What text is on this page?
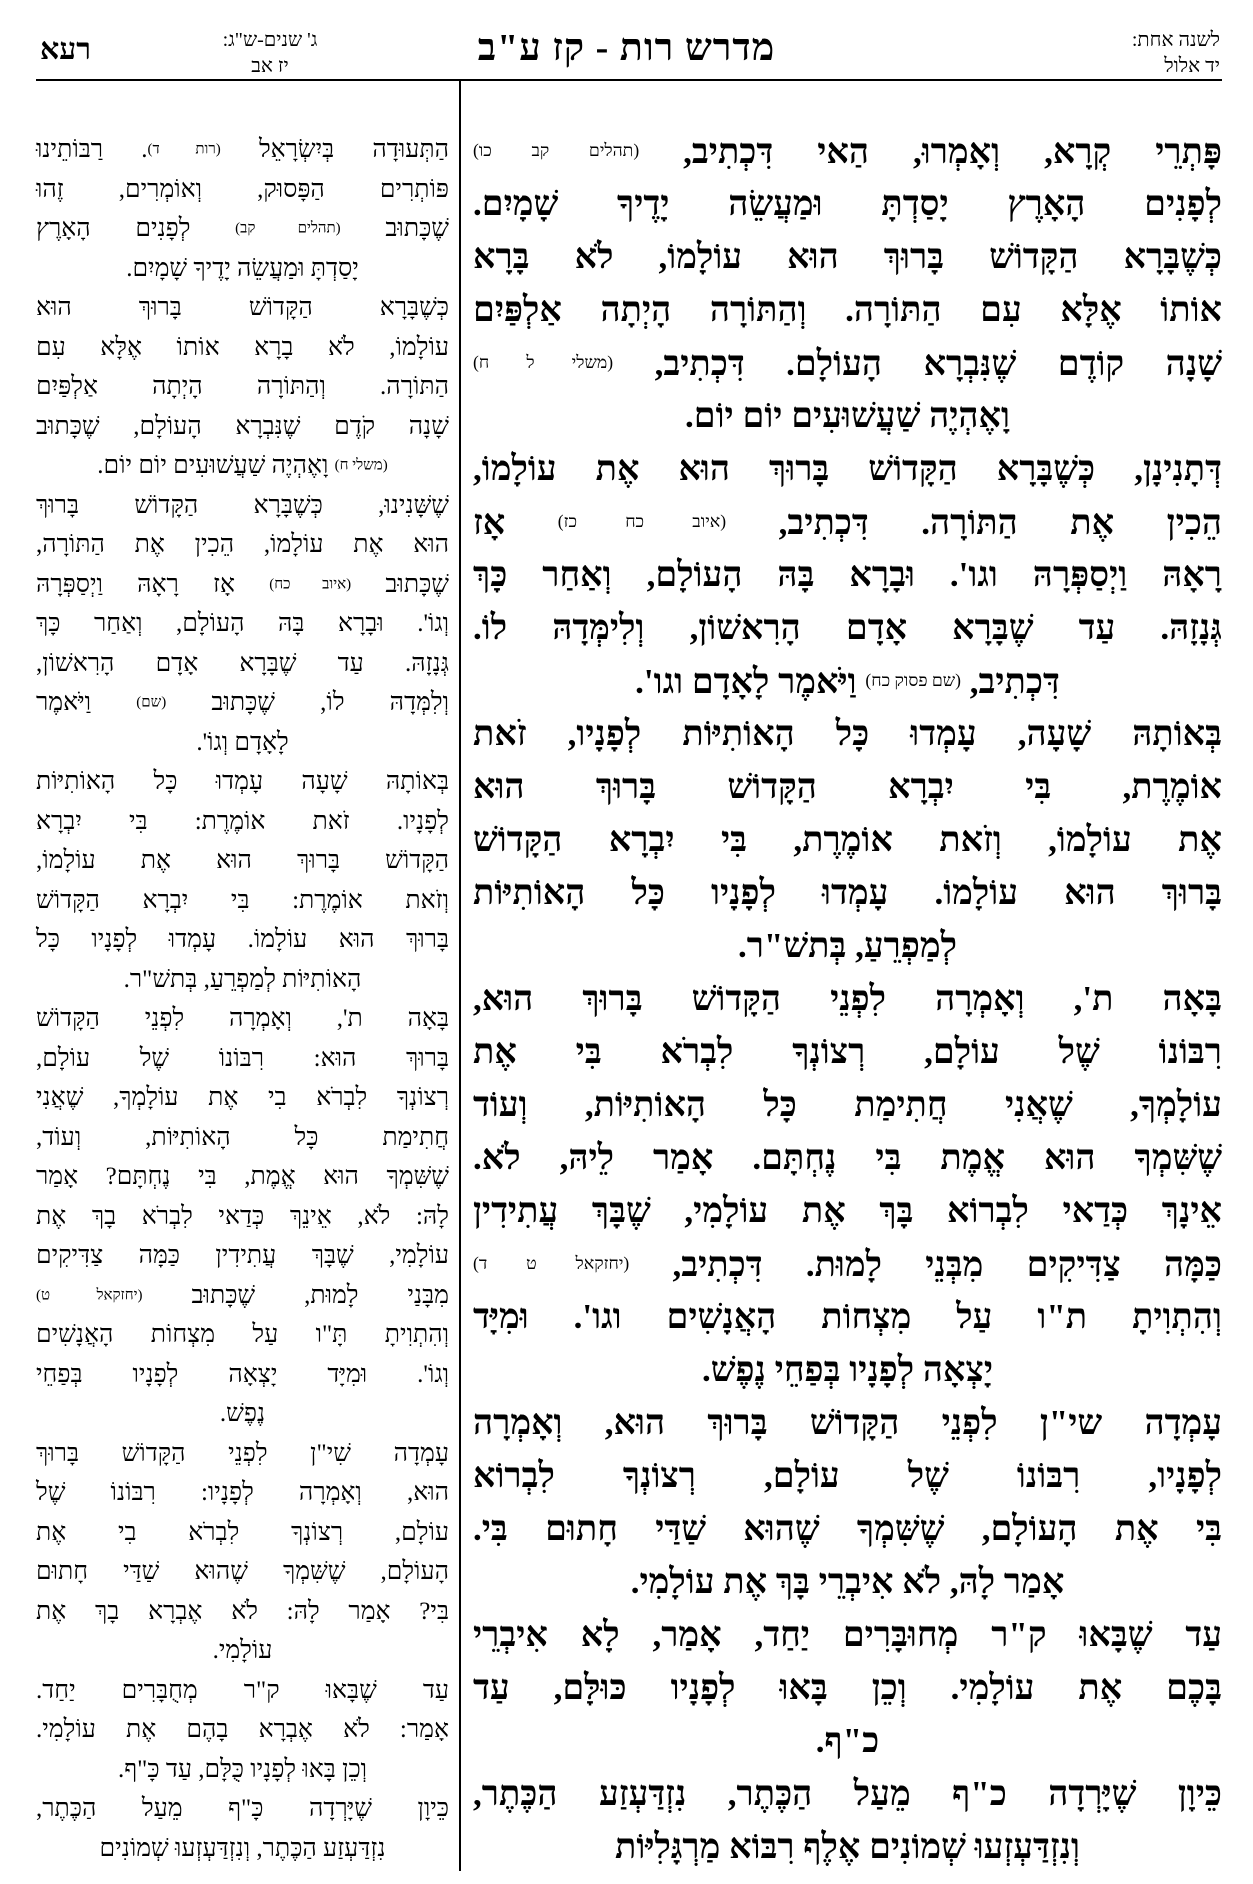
לשנה אחת:
יד אלול
מדרש רות - קז ע"ב
ג' שנים-ש"ג:
יז אב
רעא
פָּתְרֵי קְרָא, וְאָמְרוּ, הַאי דִּכְתִיב, $^{(תהלים קב כו)}$
לְפָנִים הָאָרֶץ יָסַדְתָּ וּמַעֲשֵׂה יָדֶיךָ שָׁמָיִם.
כְּשֶׁבָּרָא הַקָּדוֹשׁ בָּרוּךְ הוּא עוֹלָמוֹ, לֹא בָּרָא
אוֹתוֹ אֶלָּא עִם הַתּוֹרָה. וְהַתּוֹרָה הָיְתָה אַלְפַּיִם
שָׁנָה קוֹדֶם שֶׁנִּבְרָא הָעוֹלָם. דִּכְתִיב, $^{(משלי ל ח)}$
וָאֶהְיֶה שַׁעֲשׁוּעִים יוֹם יוֹם.
דְּתָנִינָן, כְּשֶׁבָּרָא הַקָּדוֹשׁ בָּרוּךְ הוּא אֶת עוֹלָמוֹ,
הֵכִין אֶת הַתּוֹרָה. דִּכְתִיב, $^{(איוב כח כז)}$ אָז
רָאָהּ וַיְסַפְּרָהּ וגו'. וּבָרָא בָּהּ הָעוֹלָם, וְאַחַר כָּךְ
גְּנָזָהּ. עַד שֶׁבָּרָא אָדָם הָרִאשׁוֹן, וְלִימְּדָהּ לוֹ.
דִּכְתִיב, $^{(שם פסוק כח)}$ וַיֹּאמֶר לָאָדָם וגו'.
בְּאוֹתָהּ שָׁעָה, עָמְדוּ כָּל הָאוֹתִיּוֹת לְפָנָיו, זֹאת
אוֹמֶרֶת, בִּי יִבְרָא הַקָּדוֹשׁ בָּרוּךְ הוּא
אֶת עוֹלָמוֹ, וְזֹאת אוֹמֶרֶת, בִּי יִבְרָא הַקָּדוֹשׁ
בָּרוּךְ הוּא עוֹלָמוֹ. עָמְדוּ לְפָנָיו כָּל הָאוֹתִיּוֹת
לְמַפְרֵעַ, בְּתשׁ"ר.
בָּאָה ת', וְאָמְרָה לִפְנֵי הַקָּדוֹשׁ בָּרוּךְ הוּא,
רִבּוֹנוֹ שֶׁל עוֹלָם, רְצוֹנְךָ לִבְרֹא בִּי אֶת
עוֹלָמְךָ, שֶׁאֲנִי חֲתִימַת כָּל הָאוֹתִיּוֹת, וְעוֹד
שֶׁשִּׁמְךָ הוּא אֱמֶת בִּי נֶחְתָּם. אָמַר לֵיהּ, לֹא.
אֵינָךְ כְּדַאי לִבְרוֹא בָּךְ אֶת עוֹלָמִי, שֶׁבָּךְ עֲתִידִין
כַּמָּה צַדִּיקִים מִבְּנֵי לָמוּת. דִּכְתִיב, $^{(יחזקאל ט ד)}$
וְהִתְוִיתָ ת"ו עַל מִצְחוֹת הָאֲנָשִׁים וגו'. וּמִיָּד
יָצְאָה לְפָנָיו בְּפַחֵי נֶפֶשׁ.
עָמְדָה שי"ן לִפְנֵי הַקָּדוֹשׁ בָּרוּךְ הוּא, וְאָמְרָה
לְפָנָיו, רִבּוֹנוֹ שֶׁל עוֹלָם, רְצוֹנְךָ לִבְרוֹא
בִּי אֶת הָעוֹלָם, שֶׁשִּׁמְךָ שֶׁהוּא שַׁדַּי חָתוּם בִּי.
אָמַר לָהּ, לֹא אִיבְרֵי בָּךְ אֶת עוֹלָמִי.
עַד שֶׁבָּאוּ ק"ר מְחוּבָּרִים יַחַד, אָמַר, לָא אִיבְרֵי
בָּכֶם אֶת עוֹלָמִי. וְכֵן בָּאוּ לְפָנָיו כּוּלָּם, עַד
כ"ף.
כֵּיוָן שֶׁיָּרְדָה כ"ף מֵעַל הַכֶּתֶר, נִזְדַּעְזַע הַכֶּתֶר,
וְנִזְדַּעְזְעוּ שְׁמוֹנִים אֶלֶף רִבּוֹא מַרְגָּלִיּוֹת
הַתְּעוּדָה בְּיִשְׂרָאֵל (רות ד). רַבּוֹתֵינוּ
פּוֹתְרִים הַפָּסוּק, וְאוֹמְרִים, זֶהוּ
שֶׁכָּתוּב (תהלים קב) לְפָנִים הָאָרֶץ
יָסַדְתָּ וּמַעֲשֵׂה יָדֶיךָ שָׁמָיִם.
כְּשֶׁבָּרָא הַקָּדוֹשׁ בָּרוּךְ הוּא
עוֹלָמוֹ, לֹא בָרָא אוֹתוֹ אֶלָּא עִם
הַתּוֹרָה. וְהַתּוֹרָה הָיְתָה אַלְפַּיִם
שָׁנָה קֹדֶם שֶׁנִּבְרָא הָעוֹלָם, שֶׁכָּתוּב
(משלי ח) וָאֶהְיֶה שַׁעֲשׁוּעִים יוֹם יוֹם.
שֶׁשָּׁנִינוּ, כְּשֶׁבָּרָא הַקָּדוֹשׁ בָּרוּךְ
הוּא אֶת עוֹלָמוֹ, הֵכִין אֶת הַתּוֹרָה,
שֶׁכָּתוּב (איוב כח) אָז רָאָהּ וַיְסַפְּרָהּ
וְגוֹ'. וּבָרָא בָּהּ הָעוֹלָם, וְאַחַר כָּךְ
גְּנָזָהּ. עַד שֶׁבָּרָא אָדָם הָרִאשׁוֹן,
וְלִמְּדָהּ לוֹ, שֶׁכָּתוּב (שם) וַיֹּאמֶר
לָאָדָם וְגוֹ'.
בְּאוֹתָהּ שָׁעָה עָמְדוּ כָּל הָאוֹתִיּוֹת
לְפָנָיו. זֹאת אוֹמֶרֶת: בִּי יִבְרָא
הַקָּדוֹשׁ בָּרוּךְ הוּא אֶת עוֹלָמוֹ,
וְזֹאת אוֹמֶרֶת: בִּי יִבְרָא הַקָּדוֹשׁ
בָּרוּךְ הוּא עוֹלָמוֹ. עָמְדוּ לְפָנָיו כָּל
הָאוֹתִיּוֹת לְמַפְרֵעַ, בְּתשׁ"ר.
בָּאָה ת', וְאָמְרָה לִפְנֵי הַקָּדוֹשׁ
בָּרוּךְ הוּא: רִבּוֹנוֹ שֶׁל עוֹלָם,
רְצוֹנְךָ לִבְרֹא בִי אֶת עוֹלָמְךָ, שֶׁאֲנִי
חֲתִימַת כָּל הָאוֹתִיּוֹת, וְעוֹד,
שֶׁשִּׁמְךָ הוּא אֱמֶת, בִּי נֶחְתָּם? אָמַר
לָהּ: לֹא, אֵינֵךְ כְּדַאי לִבְרֹא בָךְ אֶת
עוֹלָמִי, שֶׁבָּךְ עֲתִידִין כַּמָּה צַדִּיקִים
מִבָּנַי לָמוּת, שֶׁכָּתוּב (יחזקאל ט)
וְהִתְוִיתָ תָּ"ו עַל מִצְחוֹת הָאֲנָשִׁים
וְגוֹ'. וּמִיָּד יָצְאָה לְפָנָיו בְּפַחֵי
נֶפֶשׁ.
עָמְדָה שִׁי"ן לִפְנֵי הַקָּדוֹשׁ בָּרוּךְ
הוּא, וְאָמְרָה לְפָנָיו: רִבּוֹנוֹ שֶׁל
עוֹלָם, רְצוֹנְךָ לִבְרֹא בִי אֶת
הָעוֹלָם, שֶׁשִּׁמְךָ שֶׁהוּא שַׁדַּי חָתוּם
בִּי? אָמַר לָהּ: לֹא אֶבְרָא בָךְ אֶת
עוֹלָמִי.
עַד שֶׁבָּאוּ ק"ר מְחֻבָּרִים יַחַד.
אָמַר: לֹא אֶבְרָא בָהֶם אֶת עוֹלָמִי.
וְכֵן בָּאוּ לְפָנָיו כֻּלָּם, עַד כָּ"ף.
כֵּיוָן שֶׁיָּרְדָה כָּ"ף מֵעַל הַכֶּתֶר,
נִזְדַּעְזַע הַכֶּתֶר, וְנִזְדַּעְזְעוּ שְׁמוֹנִים
